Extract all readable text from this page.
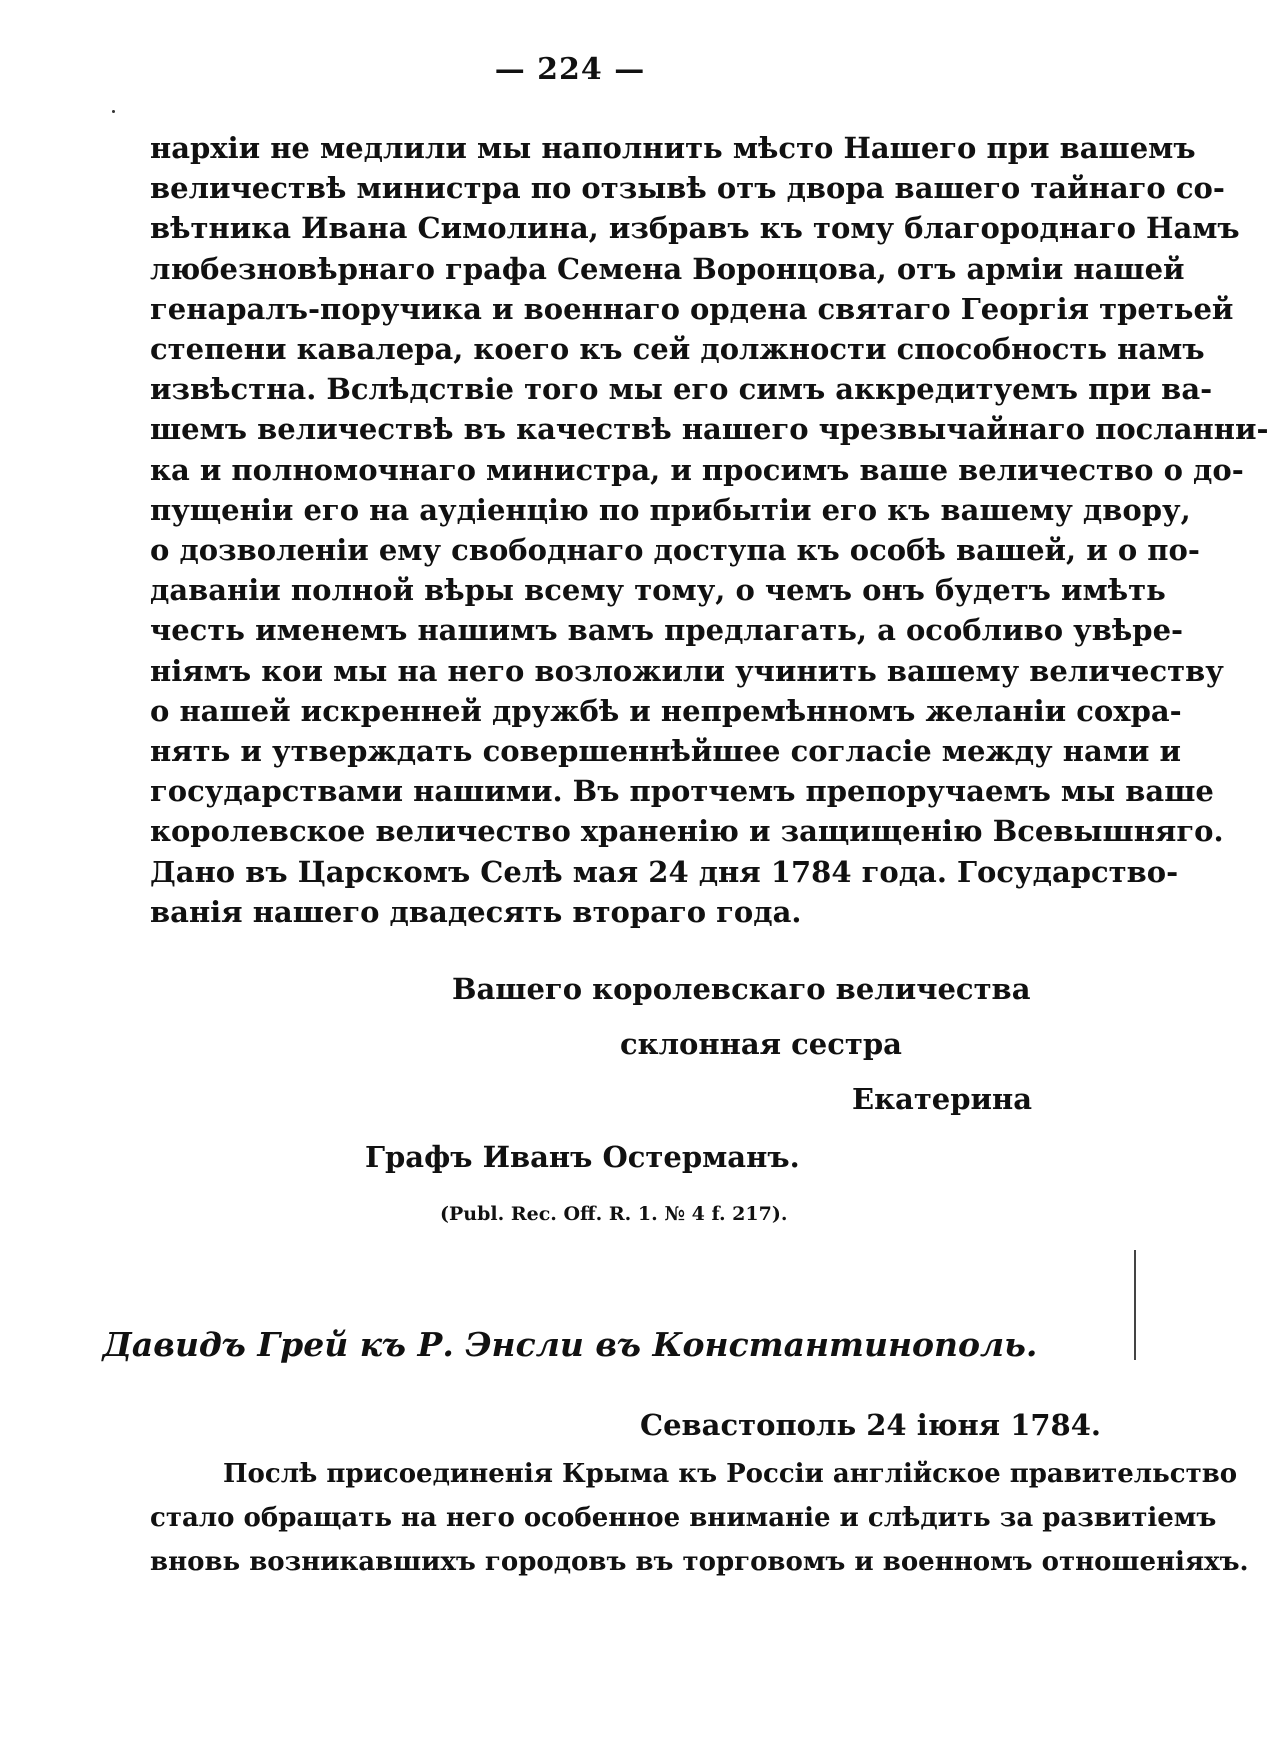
— 224 —
нархіи не медлили мы наполнить мѣсто Нашего при вашемъ
величествѣ министра по отзывѣ отъ двора вашего тайнаго со-
вѣтника Ивана Симолина, избравъ къ тому благороднаго Намъ
любезновѣрнаго графа Семена Воронцова, отъ арміи нашей
генаралъ-поручика и военнаго ордена святаго Георгія третьей
степени кавалера, коего къ сей должности способность намъ
извѣстна. Вслѣдствіе того мы его симъ аккредитуемъ при ва-
шемъ величествѣ въ качествѣ нашего чрезвычайнаго посланни-
ка и полномочнаго министра, и просимъ ваше величество о до-
пущеніи его на аудіенцію по прибытіи его къ вашему двору,
о дозволеніи ему свободнаго доступа къ особѣ вашей, и о по-
даваніи полной вѣры всему тому, о чемъ онъ будетъ имѣть
честь именемъ нашимъ вамъ предлагать, а особливо увѣре-
ніямъ кои мы на него возложили учинить вашему величеству
о нашей искренней дружбѣ и непремѣнномъ желаніи сохра-
нять и утверждать совершеннѣйшее согласіе между нами и
государствами нашими. Въ протчемъ препоручаемъ мы ваше
королевское величество храненію и защищенію Всевышняго.
Дано въ Царскомъ Селѣ мая 24 дня 1784 года. Государство-
ванія нашего двадесять втораго года.
Вашего королевскаго величества
склонная сестра
Екатерина
Графъ Иванъ Остерманъ.
(Publ. Rec. Off. R. 1. № 4 f. 217).
Давидъ Грей къ Р. Энсли въ Константинополь.
Севастополь 24 іюня 1784.
Послѣ присоединенія Крыма къ Россіи англійское правительство
стало обращать на него особенное вниманіе и слѣдить за развитіемъ
вновь возникавшихъ городовъ въ торговомъ и военномъ отношеніяхъ.
